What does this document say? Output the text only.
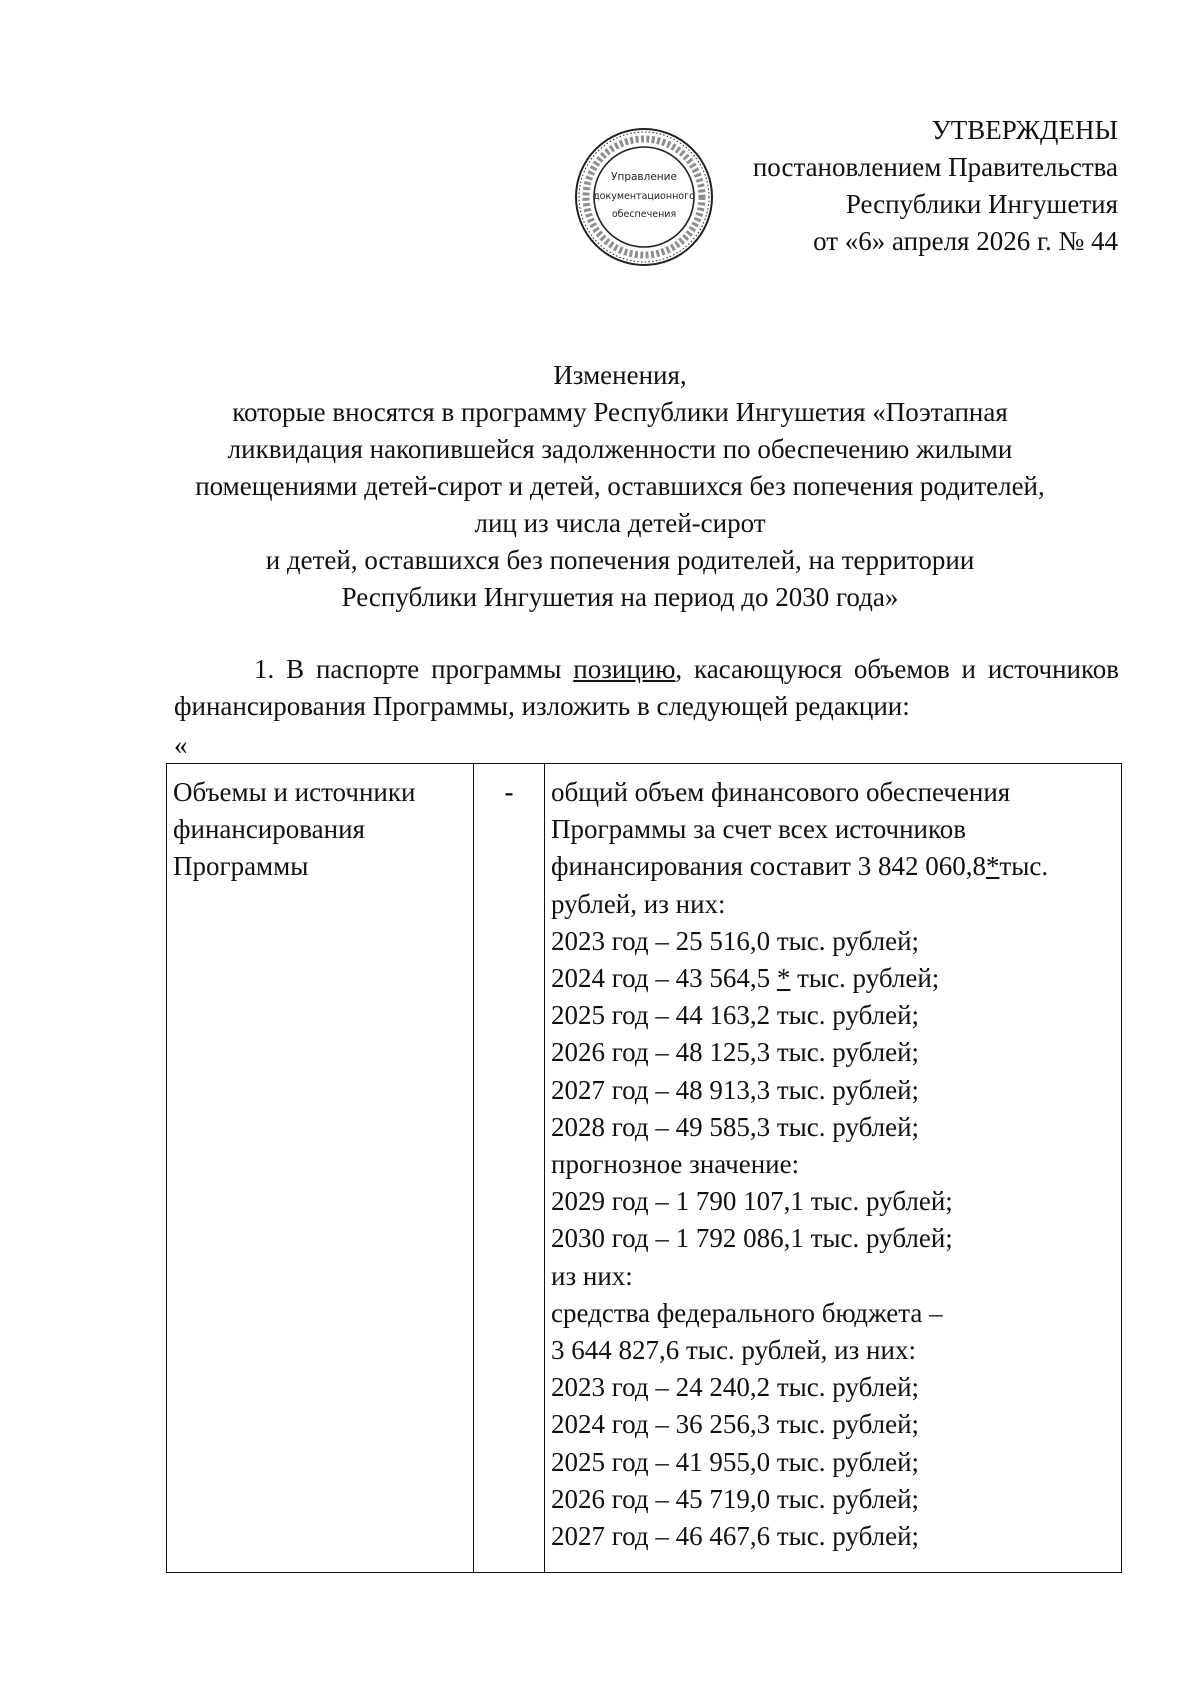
УТВЕРЖДЕНЫ
постановлением Правительства
Республики Ингушетия
от «6» апреля 2026 г. № 44
Управление
документационного
обеспечения
Изменения,
которые вносятся в программу Республики Ингушетия «Поэтапная
ликвидация накопившейся задолженности по обеспечению жилыми
помещениями детей-сирот и детей, оставшихся без попечения родителей,
лиц из числа детей-сирот
и детей, оставшихся без попечения родителей, на территории
Республики Ингушетия на период до 2030 года»
1. В паспорте программы позицию, касающуюся объемов и источников финансирования Программы, изложить в следующей редакции:
«
Объемы и источники
финансирования
Программы
	-	общий объем финансового обеспечения
Программы за счет всех источников
финансирования составит 3 842 060,8*тыс.
рублей, из них:
2023 год – 25 516,0 тыс. рублей;
2024 год – 43 564,5 * тыс. рублей;
2025 год – 44 163,2 тыс. рублей;
2026 год – 48 125,3 тыс. рублей;
2027 год – 48 913,3 тыс. рублей;
2028 год – 49 585,3 тыс. рублей;
прогнозное значение:
2029 год – 1 790 107,1 тыс. рублей;
2030 год – 1 792 086,1 тыс. рублей;
из них:
средства федерального бюджета –
3 644 827,6 тыс. рублей, из них:
2023 год – 24 240,2 тыс. рублей;
2024 год – 36 256,3 тыс. рублей;
2025 год – 41 955,0 тыс. рублей;
2026 год – 45 719,0 тыс. рублей;
2027 год – 46 467,6 тыс. рублей;
